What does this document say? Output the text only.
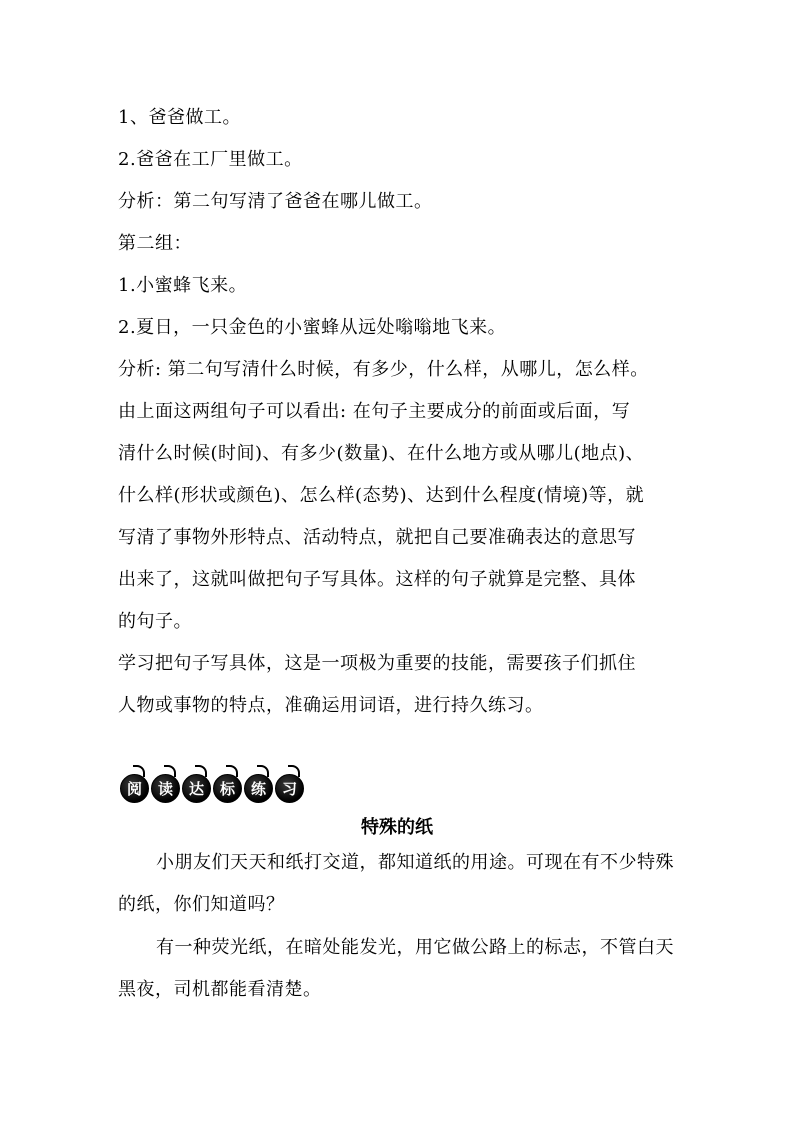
1、爸爸做工。
2.爸爸在工厂里做工。
分析：第二句写清了爸爸在哪儿做工。
第二组：
1.小蜜蜂飞来。
2.夏日，一只金色的小蜜蜂从远处嗡嗡地飞来。
分析: 第二句写清什么时候，有多少，什么样，从哪儿，怎么样。
由上面这两组句子可以看出: 在句子主要成分的前面或后面，写
清什么时候(时间)、有多少(数量)、在什么地方或从哪儿(地点)、
什么样(形状或颜色)、怎么样(态势)、达到什么程度(情境)等，就
写清了事物外形特点、活动特点，就把自己要准确表达的意思写
出来了，这就叫做把句子写具体。这样的句子就算是完整、具体
的句子。
学习把句子写具体，这是一项极为重要的技能，需要孩子们抓住
人物或事物的特点，准确运用词语，进行持久练习。
阅	读	达	标	练	习
特殊的纸
小朋友们天天和纸打交道，都知道纸的用途。可现在有不少特殊
的纸，你们知道吗？
有一种荧光纸，在暗处能发光，用它做公路上的标志，不管白天
黑夜，司机都能看清楚。
